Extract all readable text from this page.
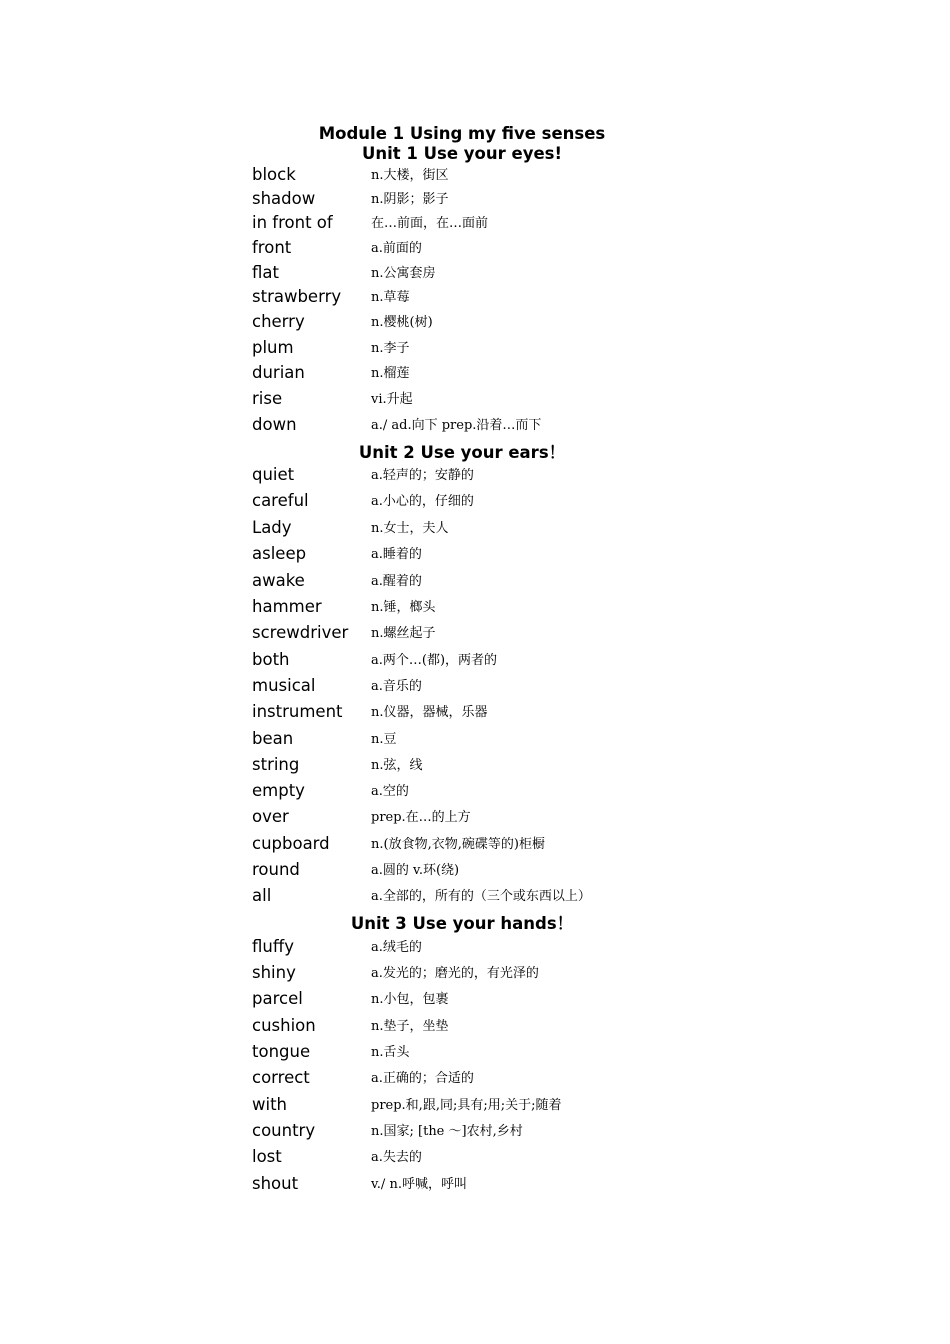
Module 1 Using my five senses
Unit 1 Use your eyes!
block	n.大楼，街区
shadow	n.阴影；影子
in front of	在…前面，在…面前
front	a.前面的
flat	n.公寓套房
strawberry n.草莓
cherry	n.樱桃(树)
plum	n.李子
durian	n.榴莲
rise	vi.升起
down	a./ ad.向下 prep.沿着…而下
Unit 2 Use your ears！
quiet	a.轻声的；安静的
careful	a.小心的，仔细的
Lady	n.女士，夫人
asleep	a.睡着的
awake	a.醒着的
hammer	n.锤，榔头
screwdriver n.螺丝起子
both	a.两个…(都)，两者的
musical	a.音乐的
instrument n.仪器，器械，乐器
bean	n.豆
string	n.弦，线
empty	a.空的
over	prep.在…的上方
cupboard	n.(放食物,衣物,碗碟等的)柜橱
round	a.圆的 v.环(绕)
all	a.全部的，所有的（三个或东西以上）
Unit 3 Use your hands！
fluffy	a.绒毛的
shiny	a.发光的；磨光的，有光泽的
parcel	n.小包，包裹
cushion	n.垫子，坐垫
tongue	n.舌头
correct	a.正确的；合适的
with	prep.和,跟,同;具有;用;关于;随着
country	n.国家; [the ～]农村,乡村
lost	a.失去的
shout	v./ n.呼喊，呼叫
